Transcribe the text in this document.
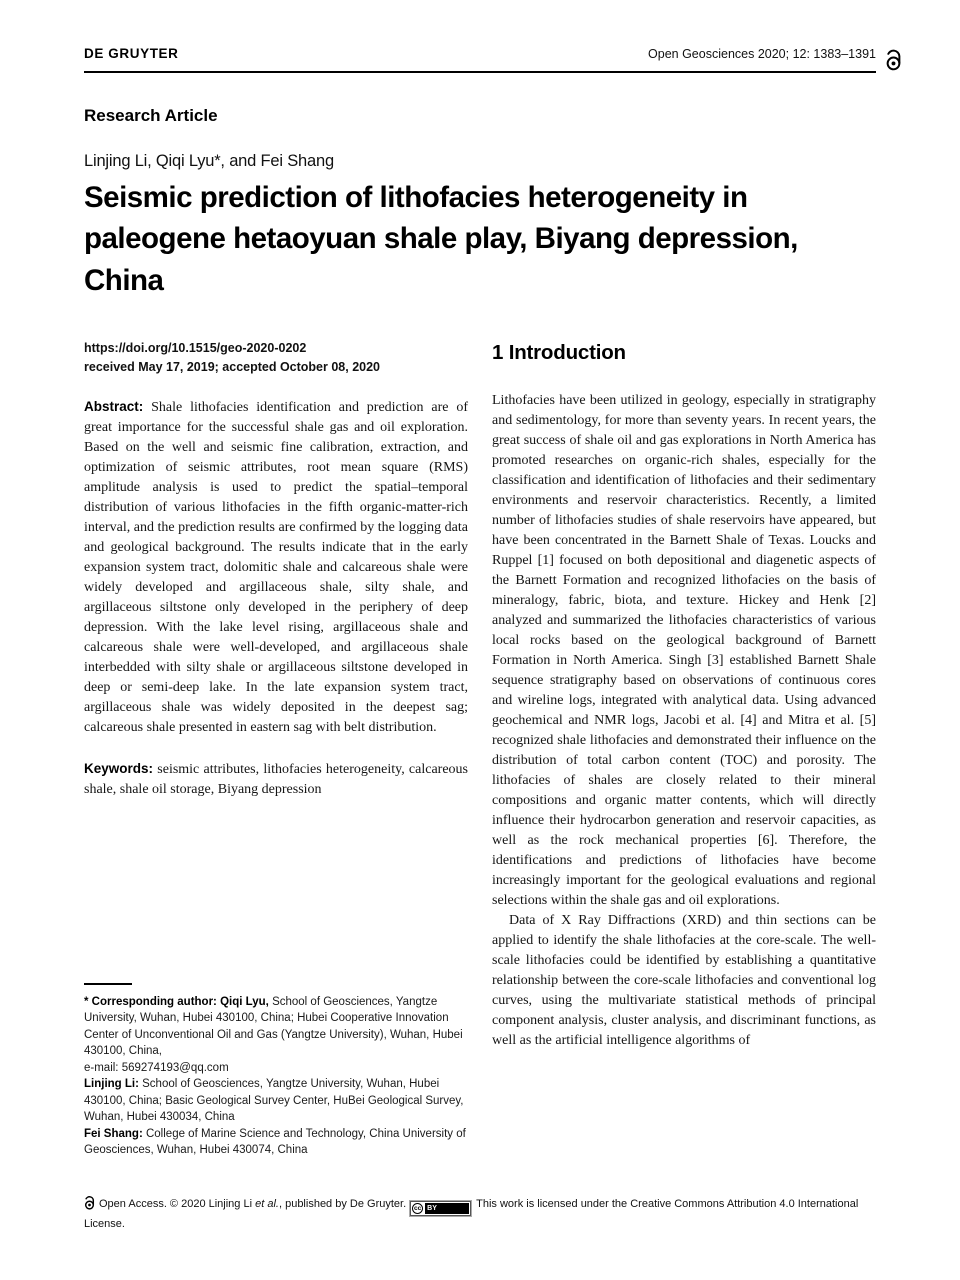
DE GRUYTER	Open Geosciences 2020; 12: 1383–1391
Research Article
Linjing Li, Qiqi Lyu*, and Fei Shang
Seismic prediction of lithofacies heterogeneity in paleogene hetaoyuan shale play, Biyang depression, China
https://doi.org/10.1515/geo-2020-0202
received May 17, 2019; accepted October 08, 2020

Abstract: Shale lithofacies identification and prediction are of great importance for the successful shale gas and oil exploration. Based on the well and seismic fine calibration, extraction, and optimization of seismic attributes, root mean square (RMS) amplitude analysis is used to predict the spatial–temporal distribution of various lithofacies in the fifth organic-matter-rich interval, and the prediction results are confirmed by the logging data and geological background. The results indicate that in the early expansion system tract, dolomitic shale and calcareous shale were widely developed and argillaceous shale, silty shale, and argillaceous siltstone only developed in the periphery of deep depression. With the lake level rising, argillaceous shale and calcareous shale were well-developed, and argillaceous shale interbedded with silty shale or argillaceous siltstone developed in deep or semi-deep lake. In the late expansion system tract, argillaceous shale was widely deposited in the deepest sag; calcareous shale presented in eastern sag with belt distribution.

Keywords: seismic attributes, lithofacies heterogeneity, calcareous shale, shale oil storage, Biyang depression

* Corresponding author: Qiqi Lyu, School of Geosciences, Yangtze University, Wuhan, Hubei 430100, China; Hubei Cooperative Innovation Center of Unconventional Oil and Gas (Yangtze University), Wuhan, Hubei 430100, China,
e-mail: 569274193@qq.com

Linjing Li: School of Geosciences, Yangtze University, Wuhan, Hubei 430100, China; Basic Geological Survey Center, HuBei Geological Survey, Wuhan, Hubei 430034, China

Fei Shang: College of Marine Science and Technology, China University of Geosciences, Wuhan, Hubei 430074, China

1 Introduction

Lithofacies have been utilized in geology, especially in stratigraphy and sedimentology, for more than seventy years. In recent years, the great success of shale oil and gas explorations in North America has promoted researches on organic-rich shales, especially for the classification and identification of lithofacies and their sedimentary environments and reservoir characteristics. Recently, a limited number of lithofacies studies of shale reservoirs have appeared, but have been concentrated in the Barnett Shale of Texas. Loucks and Ruppel [1] focused on both depositional and diagenetic aspects of the Barnett Formation and recognized lithofacies on the basis of mineralogy, fabric, biota, and texture. Hickey and Henk [2] analyzed and summarized the lithofacies characteristics of various local rocks based on the geological background of Barnett Formation in North America. Singh [3] established Barnett Shale sequence stratigraphy based on observations of continuous cores and wireline logs, integrated with analytical data. Using advanced geochemical and NMR logs, Jacobi et al. [4] and Mitra et al. [5] recognized shale lithofacies and demonstrated their influence on the distribution of total carbon content (TOC) and porosity. The lithofacies of shales are closely related to their mineral compositions and organic matter contents, which will directly influence their hydrocarbon generation and reservoir capacities, as well as the rock mechanical properties [6]. Therefore, the identifications and predictions of lithofacies have become increasingly important for the geological evaluations and regional selections within the shale gas and oil explorations.

Data of X Ray Diffractions (XRD) and thin sections can be applied to identify the shale lithofacies at the core-scale. The well-scale lithofacies could be identified by establishing a quantitative relationship between the core-scale lithofacies and conventional log curves, using the multivariate statistical methods of principal component analysis, cluster analysis, and discriminant functions, as well as the artificial intelligence algorithms of

Open Access. © 2020 Linjing Li et al., published by De Gruyter. cc BY	This work is licensed under the Creative Commons Attribution 4.0 International License.
